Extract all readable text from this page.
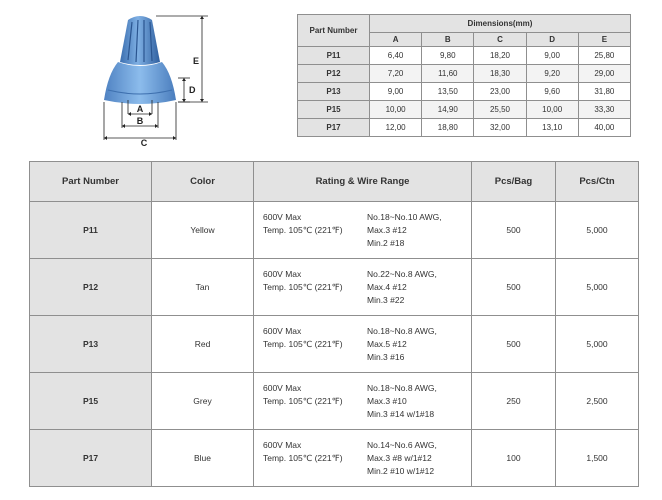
A
B
C
D
E
Part Number	Dimensions(mm)				
	A	B	C	D	E
P11	6,40	9,80	18,20	9,00	25,80
P12	7,20	11,60	18,30	9,20	29,00
P13	9,00	13,50	23,00	9,60	31,80
P15	10,00	14,90	25,50	10,00	33,30
P17	12,00	18,80	32,00	13,10	40,00
Part Number	Color	Rating & Wire Range	Pcs/Bag	Pcs/Ctn
P11	Yellow	600V Max
Temp. 105℃ (221℉)
No.18~No.10 AWG,
Max.3 #12
Min.2 #18	500	5,000
P12	Tan	600V Max
Temp. 105℃ (221℉)
No.22~No.8 AWG,
Max.4 #12
Min.3 #22	500	5,000
P13	Red	600V Max
Temp. 105℃ (221℉)
No.18~No.8 AWG,
Max.5 #12
Min.3 #16	500	5,000
P15	Grey	600V Max
Temp. 105℃ (221℉)
No.18~No.8 AWG,
Max.3 #10
Min.3 #14 w/1#18	250	2,500
P17	Blue	600V Max
Temp. 105℃ (221℉)
No.14~No.6 AWG,
Max.3 #8 w/1#12
Min.2 #10 w/1#12	100	1,500
